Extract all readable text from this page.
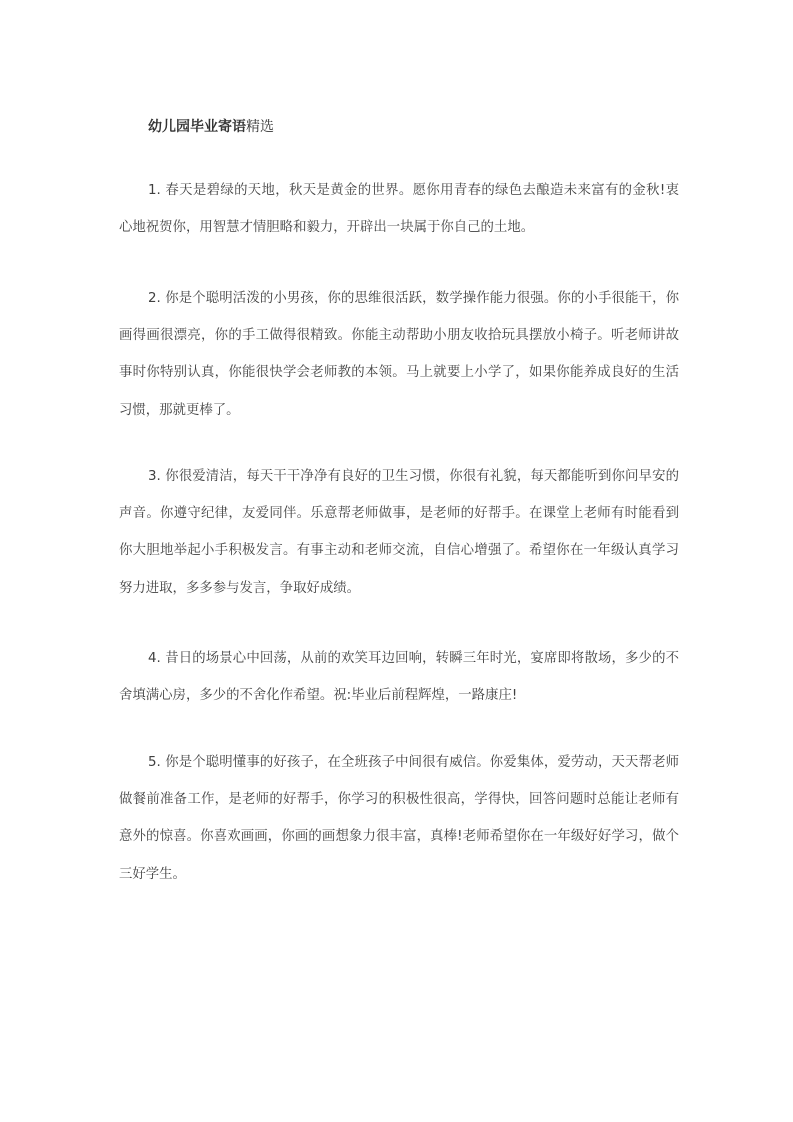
幼儿园毕业寄语精选
1. 春天是碧绿的天地，秋天是黄金的世界。愿你用青春的绿色去酿造未来富有的金秋!衷心地祝贺你，用智慧才情胆略和毅力，开辟出一块属于你自己的土地。
2. 你是个聪明活泼的小男孩，你的思维很活跃，数学操作能力很强。你的小手很能干，你画得画很漂亮，你的手工做得很精致。你能主动帮助小朋友收拾玩具摆放小椅子。听老师讲故事时你特别认真，你能很快学会老师教的本领。马上就要上小学了，如果你能养成良好的生活习惯，那就更棒了。
3. 你很爱清洁，每天干干净净有良好的卫生习惯，你很有礼貌，每天都能听到你问早安的声音。你遵守纪律，友爱同伴。乐意帮老师做事，是老师的好帮手。在课堂上老师有时能看到你大胆地举起小手积极发言。有事主动和老师交流，自信心增强了。希望你在一年级认真学习努力进取，多多参与发言，争取好成绩。
4. 昔日的场景心中回荡，从前的欢笑耳边回响，转瞬三年时光，宴席即将散场，多少的不舍填满心房，多少的不舍化作希望。祝:毕业后前程辉煌，一路康庄!
5. 你是个聪明懂事的好孩子，在全班孩子中间很有威信。你爱集体，爱劳动，天天帮老师做餐前准备工作，是老师的好帮手，你学习的积极性很高，学得快，回答问题时总能让老师有意外的惊喜。你喜欢画画，你画的画想象力很丰富，真棒!老师希望你在一年级好好学习，做个三好学生。
